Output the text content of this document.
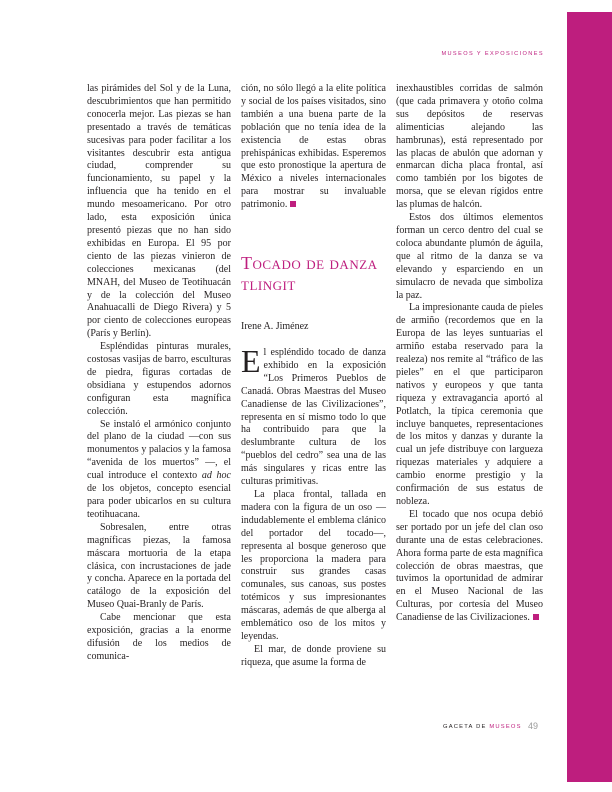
MUSEOS Y EXPOSICIONES

las pirámides del Sol y de la Luna, descubrimientos que han permitido conocerla mejor. Las piezas se han presentado a través de temáticas sucesivas para poder facilitar a los visitantes descubrir esta antigua ciudad, comprender su funcionamiento, su papel y la influencia que ha tenido en el mundo mesoamericano. Por otro lado, esta exposición única presentó piezas que no han sido exhibidas en Europa. El 95 por ciento de las piezas vinieron de colecciones mexicanas (del MNAH, del Museo de Teotihuacán y de la colección del Museo Anahuacalli de Diego Rivera) y 5 por ciento de colecciones europeas (París y Berlín).

Espléndidas pinturas murales, costosas vasijas de barro, esculturas de piedra, figuras cortadas de obsidiana y estupendos adornos configuran esta magnífica colección.

Se instaló el armónico conjunto del plano de la ciudad —con sus monumentos y palacios y la famosa “avenida de los muertos” —, el cual introduce el contexto ad hoc de los objetos, concepto esencial para poder ubicarlos en su cultura teotihuacana.

Sobresalen, entre otras magníficas piezas, la famosa máscara mortuoria de la etapa clásica, con incrustaciones de jade y concha. Aparece en la portada del catálogo de la exposición del Museo Quai-Branly de París.

Cabe mencionar que esta exposición, gracias a la enorme difusión de los medios de comunica-

ción, no sólo llegó a la elite política y social de los países visitados, sino también a una buena parte de la población que no tenía idea de la existencia de estas obras prehispánicas exhibidas. Esperemos que esto pronostique la apertura de México a niveles internacionales para mostrar su invaluable patrimonio.

Tocado de danza tlingit
Irene A. Jiménez

El espléndido tocado de danza exhibido en la exposición “Los Primeros Pueblos de Canadá. Obras Maestras del Museo Canadiense de las Civilizaciones”, representa en sí mismo todo lo que ha contribuido para que la deslumbrante cultura de los “pueblos del cedro” sea una de las más singulares y ricas entre las culturas primitivas.

La placa frontal, tallada en madera con la figura de un oso —indudablemente el emblema clánico del portador del tocado—, representa al bosque generoso que les proporciona la madera para construir sus grandes casas comunales, sus canoas, sus postes totémicos y sus impresionantes máscaras, además de que alberga al emblemático oso de los mitos y leyendas.

El mar, de donde proviene su riqueza, que asume la forma de

inexhaustibles corridas de salmón (que cada primavera y otoño colma sus depósitos de reservas alimenticias alejando las hambrunas), está representado por las placas de abulón que adornan y enmarcan dicha placa frontal, así como también por los bigotes de morsa, que se elevan rígidos entre las plumas de halcón.

Estos dos últimos elementos forman un cerco dentro del cual se coloca abundante plumón de águila, que al ritmo de la danza se va elevando y esparciendo en un simulacro de nevada que simboliza la paz.

La impresionante cauda de pieles de armiño (recordemos que en la Europa de las leyes suntuarias el armiño estaba reservado para la realeza) nos remite al “tráfico de las pieles” en el que participaron nativos y europeos y que tanta riqueza y extravagancia aportó al Potlatch, la típica ceremonia que incluye banquetes, representaciones de los mitos y danzas y durante la cual un jefe distribuye con largueza riquezas materiales y adquiere a cambio enorme prestigio y la confirmación de sus estatus de nobleza.

El tocado que nos ocupa debió ser portado por un jefe del clan oso durante una de estas celebraciones. Ahora forma parte de esta magnífica colección de obras maestras, que tuvimos la oportunidad de admirar en el Museo Nacional de las Culturas, por cortesía del Museo Canadiense de las Civilizaciones.

GACETA DE MUSEOS 49
